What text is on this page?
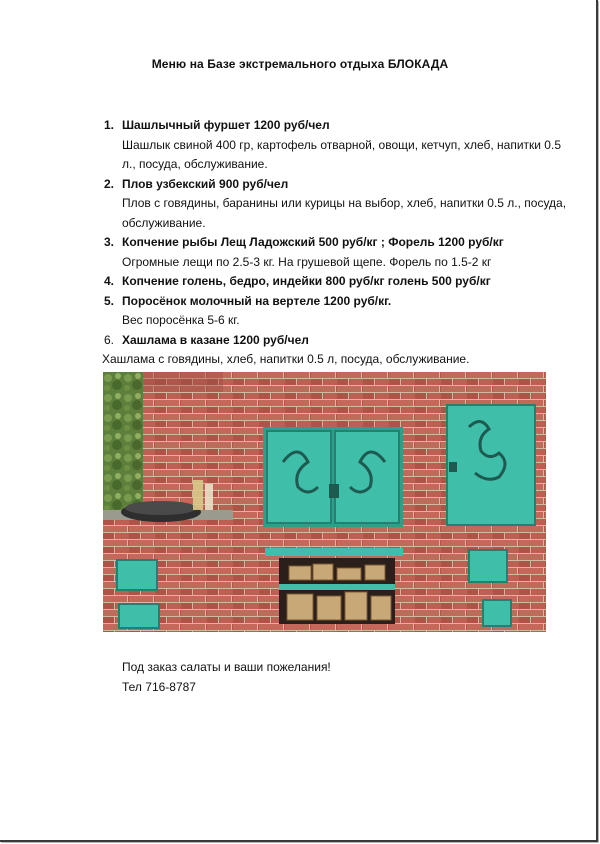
Меню на Базе экстремального отдыха БЛОКАДА
1. Шашлычный фуршет 1200 руб/чел
Шашлык свиной 400 гр, картофель отварной, овощи, кетчуп, хлеб, напитки 0.5 л., посуда, обслуживание.
2. Плов узбекский 900 руб/чел
Плов с говядины, баранины или курицы на выбор, хлеб, напитки 0.5 л., посуда, обслуживание.
3. Копчение рыбы Лещ Ладожский 500 руб/кг ; Форель 1200 руб/кг
Огромные лещи по 2.5-3 кг. На грушевой щепе. Форель по 1.5-2 кг
4. Копчение голень, бедро, индейки 800 руб/кг голень 500 руб/кг
5. Поросёнок молочный на вертеле 1200 руб/кг.
Вес поросёнка 5-6 кг.
6. Хашлама в казане 1200 руб/чел
Хашлама с говядины, хлеб, напитки 0.5 л, посуда, обслуживание.
Под заказ салаты и ваши пожелания!
Тел 716-8787
